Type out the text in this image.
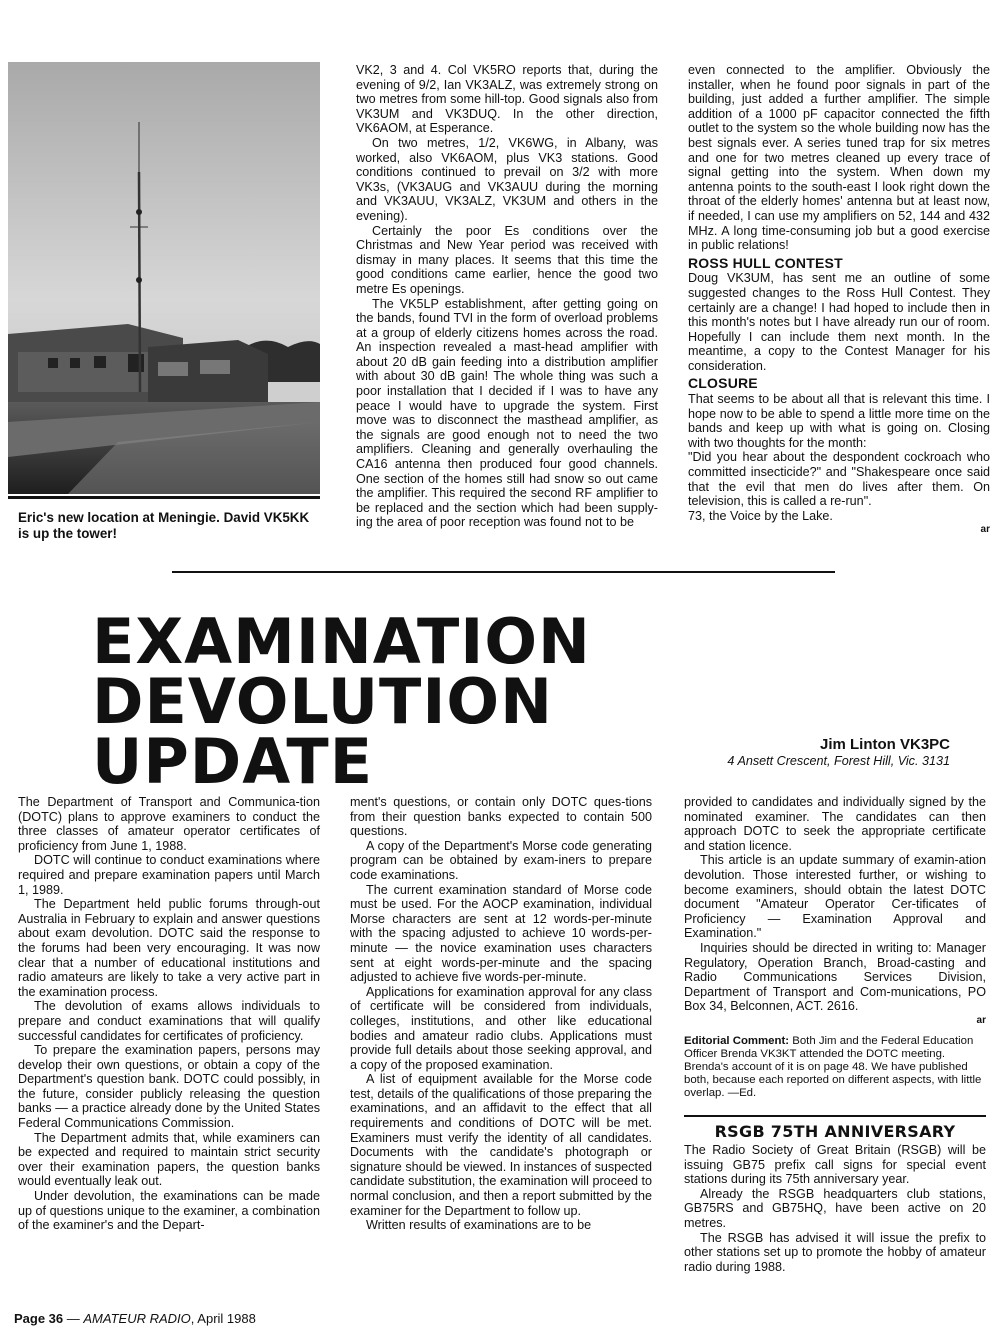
Eric's new location at Meningie. David VK5KK is up the tower!

VK2, 3 and 4. Col VK5RO reports that, during the evening of 9/2, Ian VK3ALZ, was extremely strong on two metres from some hill-top. Good signals also from VK3UM and VK3DUQ. In the other direction, VK6AOM, at Esperance.

On two metres, 1/2, VK6WG, in Albany, was worked, also VK6AOM, plus VK3 stations. Good conditions continued to prevail on 3/2 with more VK3s, (VK3AUG and VK3AUU during the morning and VK3AUU, VK3ALZ, VK3UM and others in the evening).

Certainly the poor Es conditions over the Christmas and New Year period was received with dismay in many places. It seems that this time the good conditions came earlier, hence the good two metre Es openings.

The VK5LP establishment, after getting going on the bands, found TVI in the form of overload problems at a group of elderly citizens homes across the road. An inspection revealed a mast-head amplifier with about 20 dB gain feeding into a distribution amplifier with about 30 dB gain! The whole thing was such a poor installation that I decided if I was to have any peace I would have to upgrade the system. First move was to disconnect the masthead amplifier, as the signals are good enough not to need the two amplifiers. Cleaning and generally overhauling the CA16 antenna then produced four good channels. One section of the homes still had snow so out came the amplifier. This required the second RF amplifier to be replaced and the section which had been supply-ing the area of poor reception was found not to be

even connected to the amplifier. Obviously the installer, when he found poor signals in part of the building, just added a further amplifier. The simple addition of a 1000 pF capacitor connected the fifth outlet to the system so the whole building now has the best signals ever. A series tuned trap for six metres and one for two metres cleaned up every trace of signal getting into the system. When down my antenna points to the south-east I look right down the throat of the elderly homes' antenna but at least now, if needed, I can use my amplifiers on 52, 144 and 432 MHz. A long time-consuming job but a good exercise in public relations!

ROSS HULL CONTEST

Doug VK3UM, has sent me an outline of some suggested changes to the Ross Hull Contest. They certainly are a change! I had hoped to include then in this month's notes but I have already run our of room. Hopefully I can include them next month. In the meantime, a copy to the Contest Manager for his consideration.

CLOSURE

That seems to be about all that is relevant this time. I hope now to be able to spend a little more time on the bands and keep up with what is going on. Closing with two thoughts for the month:

"Did you hear about the despondent cockroach who committed insecticide?" and "Shakespeare once said that the evil that men do lives after them. On television, this is called a re-run".

73, the Voice by the Lake.

ar
EXAMINATION DEVOLUTION
UPDATE	Jim Linton VK3PC
4 Ansett Crescent, Forest Hill, Vic. 3131

The Department of Transport and Communica-tion (DOTC) plans to approve examiners to conduct the three classes of amateur operator certificates of proficiency from June 1, 1988.

DOTC will continue to conduct examinations where required and prepare examination papers until March 1, 1989.

The Department held public forums through-out Australia in February to explain and answer questions about exam devolution. DOTC said the response to the forums had been very encouraging. It was now clear that a number of educational institutions and radio amateurs are likely to take a very active part in the examination process.

The devolution of exams allows individuals to prepare and conduct examinations that will qualify successful candidates for certificates of proficiency.

To prepare the examination papers, persons may develop their own questions, or obtain a copy of the Department's question bank. DOTC could possibly, in the future, consider publicly releasing the question banks — a practice already done by the United States Federal Communications Commission.

The Department admits that, while examiners can be expected and required to maintain strict security over their examination papers, the question banks would eventually leak out.

Under devolution, the examinations can be made up of questions unique to the examiner, a combination of the examiner's and the Depart-

ment's questions, or contain only DOTC ques-tions from their question banks expected to contain 500 questions.

A copy of the Department's Morse code generating program can be obtained by exam-iners to prepare code examinations.

The current examination standard of Morse code must be used. For the AOCP examination, individual Morse characters are sent at 12 words-per-minute with the spacing adjusted to achieve 10 words-per-minute — the novice examination uses characters sent at eight words-per-minute and the spacing adjusted to achieve five words-per-minute.

Applications for examination approval for any class of certificate will be considered from individuals, colleges, institutions, and other like educational bodies and amateur radio clubs. Applications must provide full details about those seeking approval, and a copy of the proposed examination.

A list of equipment available for the Morse code test, details of the qualifications of those preparing the examinations, and an affidavit to the effect that all requirements and conditions of DOTC will be met. Examiners must verify the identity of all candidates. Documents with the candidate's photograph or signature should be viewed. In instances of suspected candidate substitution, the examination will proceed to normal conclusion, and then a report submitted by the examiner for the Department to follow up.

Written results of examinations are to be

provided to candidates and individually signed by the nominated examiner. The candidates can then approach DOTC to seek the appropriate certificate and station licence.

This article is an update summary of examin-ation devolution. Those interested further, or wishing to become examiners, should obtain the latest DOTC document "Amateur Operator Cer-tificates of Proficiency — Examination Approval and Examination."

Inquiries should be directed in writing to: Manager Regulatory, Operation Branch, Broad-casting and Radio Communications Services Division, Department of Transport and Com-munications, PO Box 34, Belconnen, ACT. 2616.

ar
Editorial Comment: Both Jim and the Federal Education Officer Brenda VK3KT attended the DOTC meeting. Brenda's account of it is on page 48. We have published both, because each reported on different aspects, with little overlap. —Ed.
RSGB 75TH ANNIVERSARY

The Radio Society of Great Britain (RSGB) will be issuing GB75 prefix call signs for special event stations during its 75th anniversary year.

Already the RSGB headquarters club stations, GB75RS and GB75HQ, have been active on 20 metres.

The RSGB has advised it will issue the prefix to other stations set up to promote the hobby of amateur radio during 1988.

Page 36 — AMATEUR RADIO, April 1988
